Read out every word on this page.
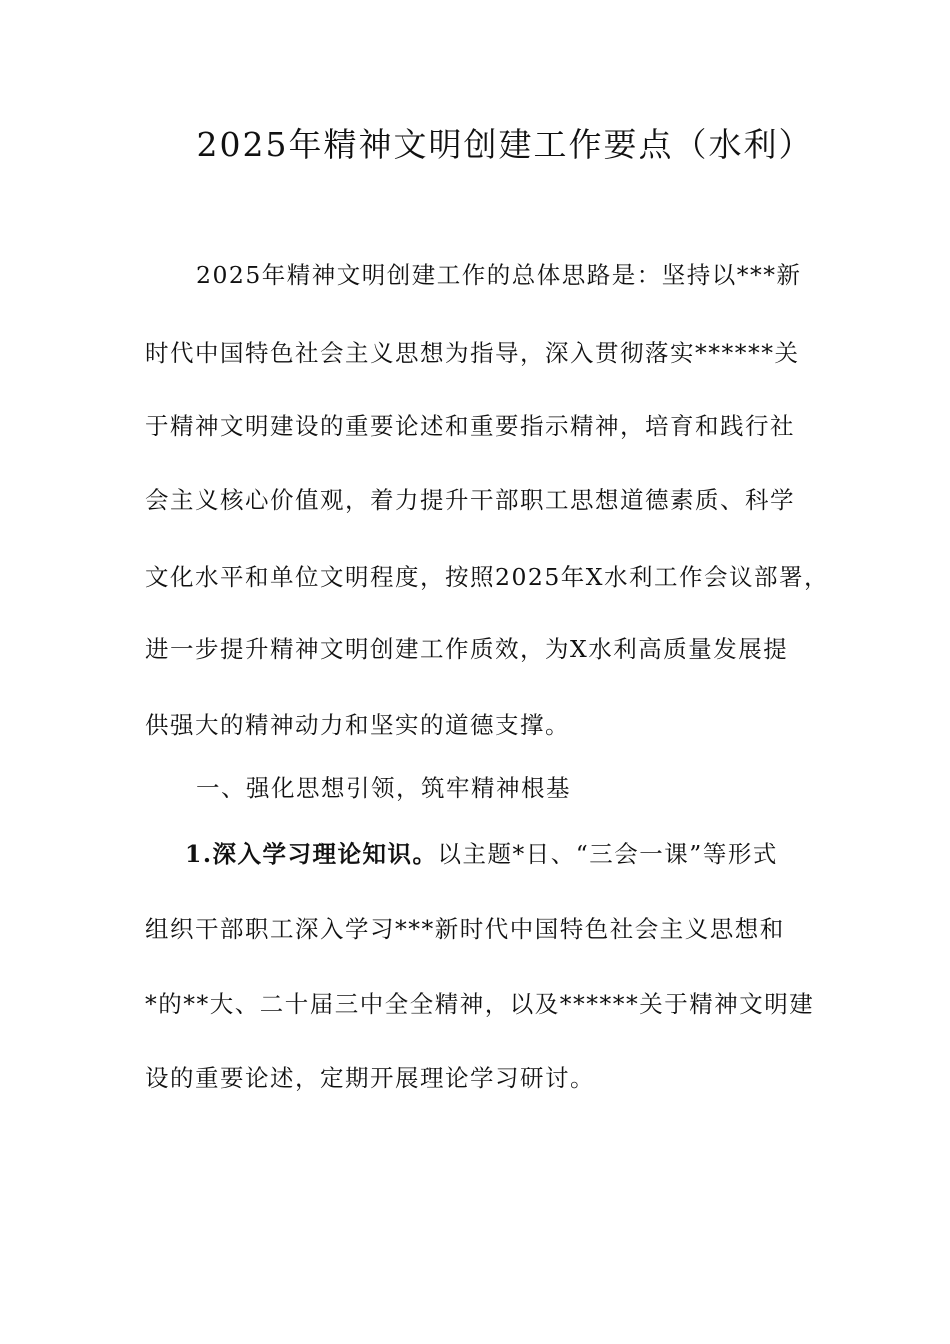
2025年精神文明创建工作要点（水利）
2025年精神文明创建工作的总体思路是：坚持以***新
时代中国特色社会主义思想为指导，深入贯彻落实******关
于精神文明建设的重要论述和重要指示精神，培育和践行社
会主义核心价值观，着力提升干部职工思想道德素质、科学
文化水平和单位文明程度，按照2025年X水利工作会议部署，
进一步提升精神文明创建工作质效，为X水利高质量发展提
供强大的精神动力和坚实的道德支撑。
一、强化思想引领，筑牢精神根基
1.深入学习理论知识。以主题*日、“三会一课”等形式
组织干部职工深入学习***新时代中国特色社会主义思想和
*的**大、二十届三中全全精神，以及******关于精神文明建
设的重要论述，定期开展理论学习研讨。
